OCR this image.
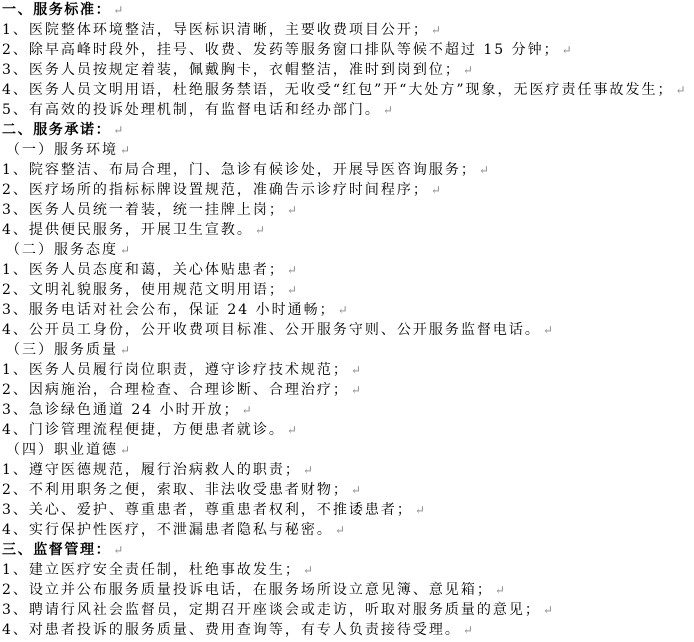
一、服务标准： ↵
1、医院整体环境整洁，导医标识清晰，主要收费项目公开； ↵
2、除早高峰时段外，挂号、收费、发药等服务窗口排队等候不超过 15 分钟； ↵
3、医务人员按规定着装，佩戴胸卡，衣帽整洁，准时到岗到位； ↵
4、医务人员文明用语，杜绝服务禁语，无收受“红包”开“大处方”现象，无医疗责任事故发生； ↵
5、有高效的投诉处理机制，有监督电话和经办部门。 ↵
二、服务承诺： ↵
（一）服务环境 ↵
1、院容整洁、布局合理，门、急诊有候诊处，开展导医咨询服务； ↵
2、医疗场所的指标标牌设置规范，准确告示诊疗时间程序； ↵
3、医务人员统一着装，统一挂牌上岗； ↵
4、提供便民服务，开展卫生宣教。 ↵
（二）服务态度 ↵
1、医务人员态度和蔼，关心体贴患者； ↵
2、文明礼貌服务，使用规范文明用语； ↵
3、服务电话对社会公布，保证 24 小时通畅； ↵
4、公开员工身份，公开收费项目标准、公开服务守则、公开服务监督电话。 ↵
（三）服务质量 ↵
1、医务人员履行岗位职责，遵守诊疗技术规范； ↵
2、因病施治，合理检查、合理诊断、合理治疗； ↵
3、急诊绿色通道 24 小时开放； ↵
4、门诊管理流程便捷，方便患者就诊。 ↵
（四）职业道德 ↵
1、遵守医德规范，履行治病救人的职责； ↵
2、不利用职务之便，索取、非法收受患者财物； ↵
3、关心、爱护、尊重患者，尊重患者权利，不推诿患者； ↵
4、实行保护性医疗，不泄漏患者隐私与秘密。 ↵
三、监督管理： ↵
1、建立医疗安全责任制，杜绝事故发生； ↵
2、设立并公布服务质量投诉电话，在服务场所设立意见簿、意见箱； ↵
3、聘请行风社会监督员，定期召开座谈会或走访，听取对服务质量的意见； ↵
4、对患者投诉的服务质量、费用查询等，有专人负责接待受理。 ↵
